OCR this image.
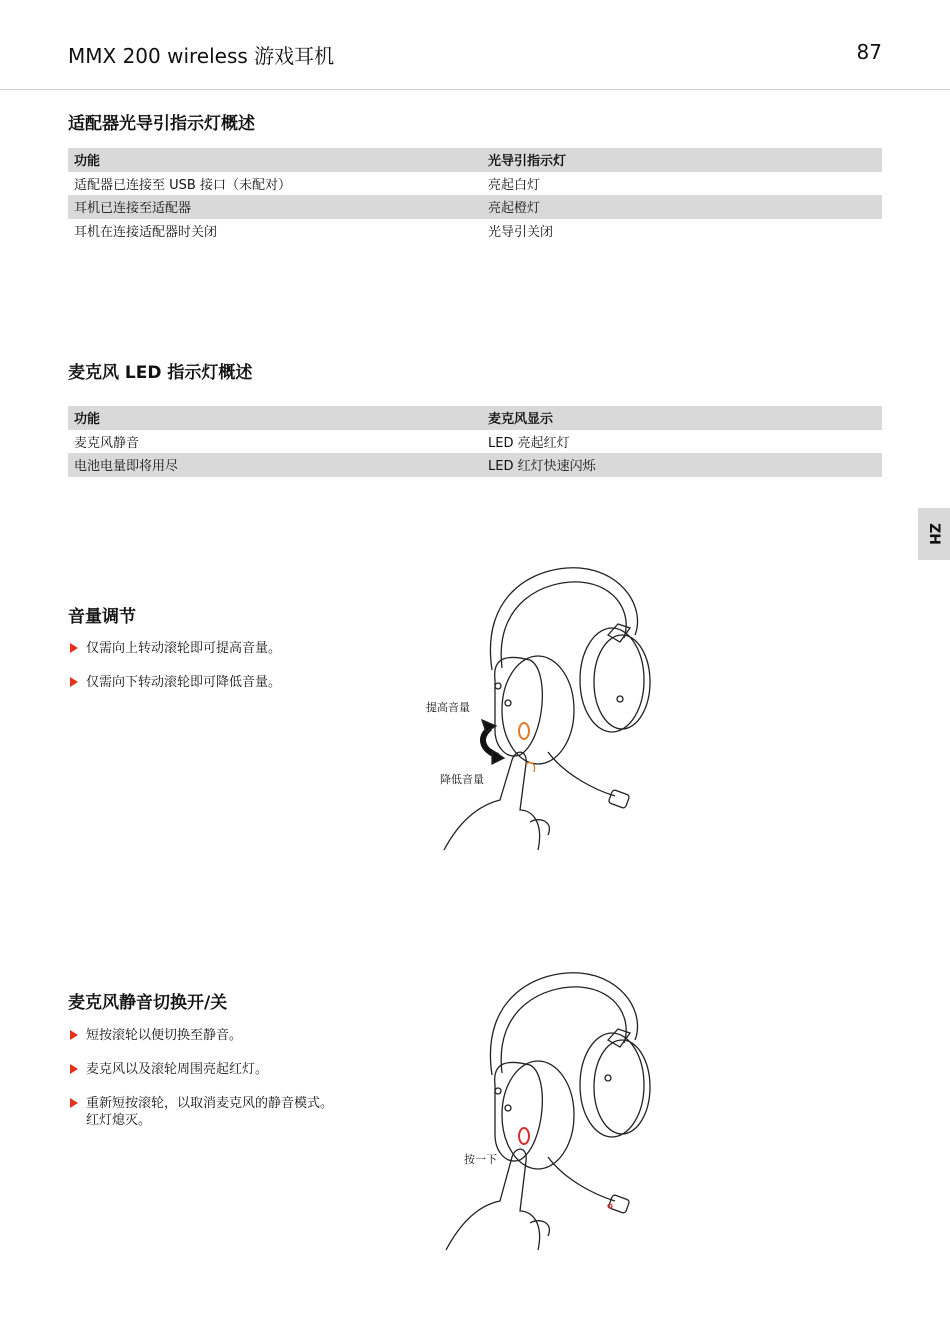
MMX 200 wireless 游戏耳机	87
ZH
适配器光导引指示灯概述
功能	光导引指示灯
适配器已连接至 USB 接口（未配对）	亮起白灯
耳机已连接至适配器	亮起橙灯
耳机在连接适配器时关闭	光导引关闭
麦克风 LED 指示灯概述
功能	麦克风显示
麦克风静音	LED 亮起红灯
电池电量即将用尽	LED 红灯快速闪烁
音量调节
仅需向上转动滚轮即可提高音量。
仅需向下转动滚轮即可降低音量。
提高音量
降低音量
麦克风静音切换开/关
短按滚轮以便切换至静音。
麦克风以及滚轮周围亮起红灯。
重新短按滚轮，以取消麦克风的静音模式。
红灯熄灭。
按一下
